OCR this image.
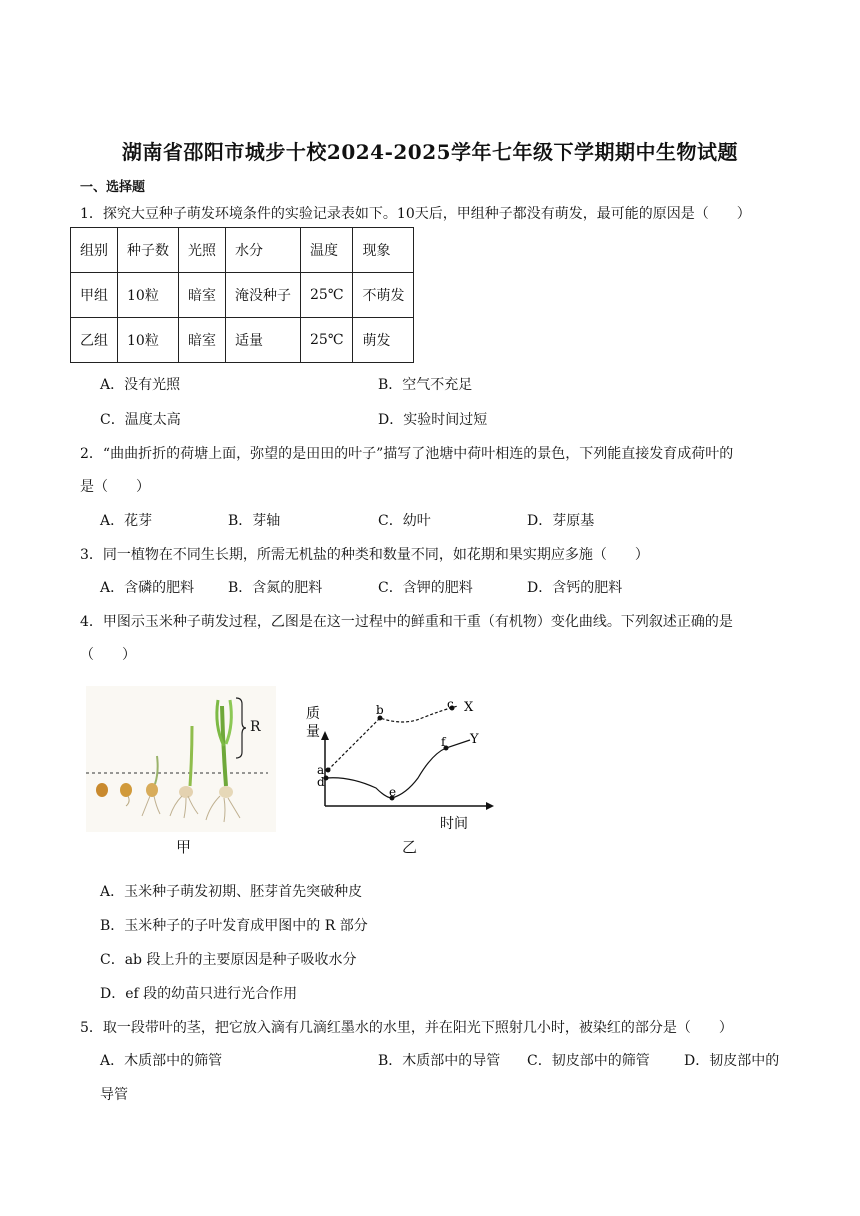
湖南省邵阳市城步十校2024-2025学年七年级下学期期中生物试题
一、选择题
1．探究大豆种子萌发环境条件的实验记录表如下。10天后，甲组种子都没有萌发，最可能的原因是（　　）
组别	种子数	光照	水分	温度	现象
甲组	10粒	暗室	淹没种子	25℃	不萌发
乙组	10粒	暗室	适量	25℃	萌发
A．没有光照	B．空气不充足
C．温度太高	D．实验时间过短
2．“曲曲折折的荷塘上面，弥望的是田田的叶子”描写了池塘中荷叶相连的景色，下列能直接发育成荷叶的
是（　　）
A．花芽	B．芽轴	C．幼叶	D．芽原基
3．同一植物在不同生长期，所需无机盐的种类和数量不同，如花期和果实期应多施（　　）
A．含磷的肥料 B．含氮的肥料	C．含钾的肥料	D．含钙的肥料
4．甲图示玉米种子萌发过程，乙图是在这一过程中的鲜重和干重（有机物）变化曲线。下列叙述正确的是
（　　）
R
质
量
时间
a
b	c
d
e
f
X
Y
甲	乙
A．玉米种子萌发初期、胚芽首先突破种皮
B．玉米种子的子叶发育成甲图中的 R 部分
C．ab 段上升的主要原因是种子吸收水分
D．ef 段的幼苗只进行光合作用
5．取一段带叶的茎，把它放入滴有几滴红墨水的水里，并在阳光下照射几小时，被染红的部分是（　　）
A．木质部中的筛管	B．木质部中的导管 C．韧皮部中的筛管 D．韧皮部中的
导管
